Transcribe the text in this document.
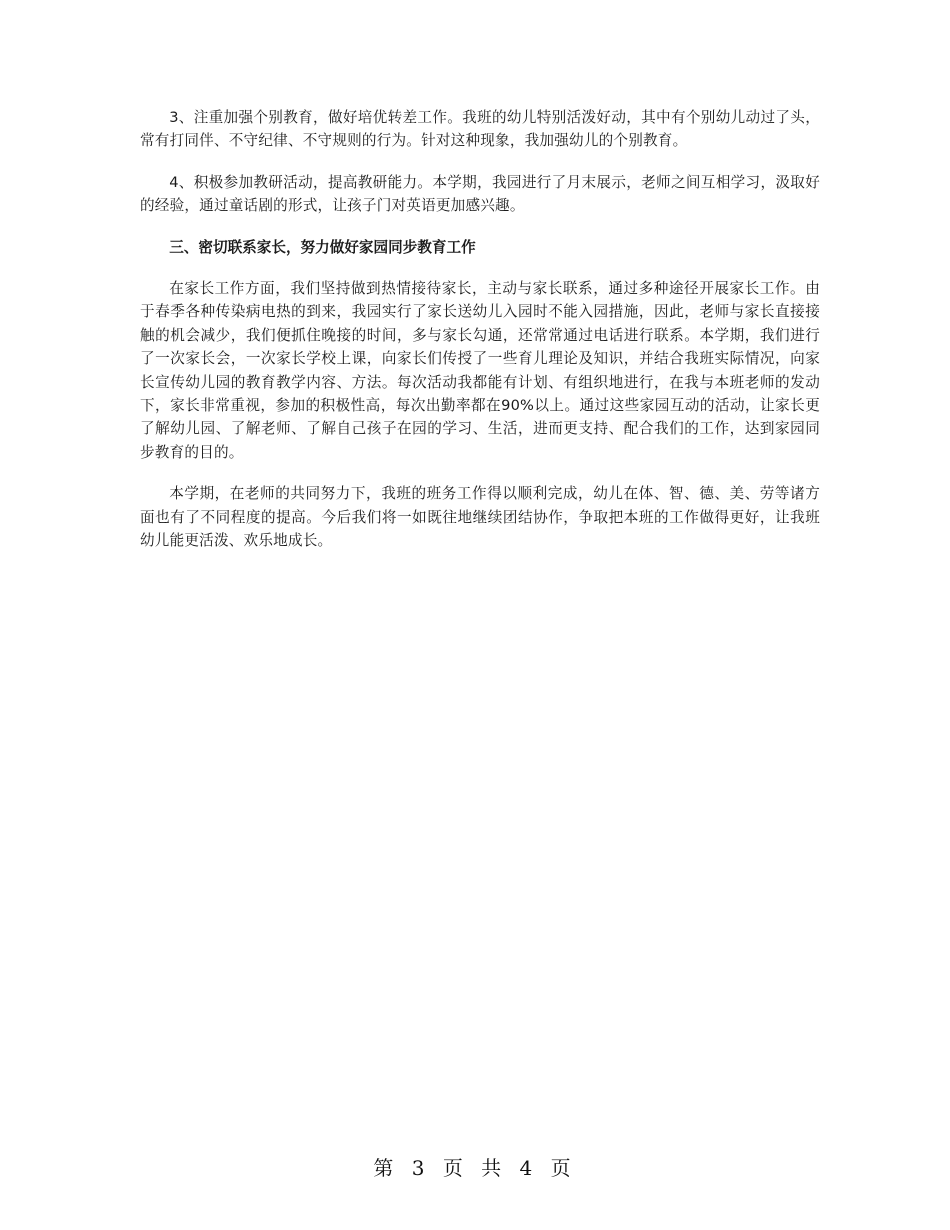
3、注重加强个别教育，做好培优转差工作。我班的幼儿特别活泼好动，其中有个别幼儿动过了头，常有打同伴、不守纪律、不守规则的行为。针对这种现象，我加强幼儿的个别教育。

4、积极参加教研活动，提高教研能力。本学期，我园进行了月末展示，老师之间互相学习，汲取好的经验，通过童话剧的形式，让孩子门对英语更加感兴趣。

三、密切联系家长，努力做好家园同步教育工作

在家长工作方面，我们坚持做到热情接待家长，主动与家长联系，通过多种途径开展家长工作。由于春季各种传染病电热的到来，我园实行了家长送幼儿入园时不能入园措施，因此，老师与家长直接接触的机会减少，我们便抓住晚接的时间，多与家长勾通，还常常通过电话进行联系。本学期，我们进行了一次家长会，一次家长学校上课，向家长们传授了一些育儿理论及知识，并结合我班实际情况，向家长宣传幼儿园的教育教学内容、方法。每次活动我都能有计划、有组织地进行，在我与本班老师的发动下，家长非常重视，参加的积极性高，每次出勤率都在90%以上。通过这些家园互动的活动，让家长更了解幼儿园、了解老师、了解自己孩子在园的学习、生活，进而更支持、配合我们的工作，达到家园同步教育的目的。

本学期，在老师的共同努力下，我班的班务工作得以顺利完成，幼儿在体、智、德、美、劳等诸方面也有了不同程度的提高。今后我们将一如既往地继续团结协作，争取把本班的工作做得更好，让我班幼儿能更活泼、欢乐地成长。

第 3 页 共 4 页
